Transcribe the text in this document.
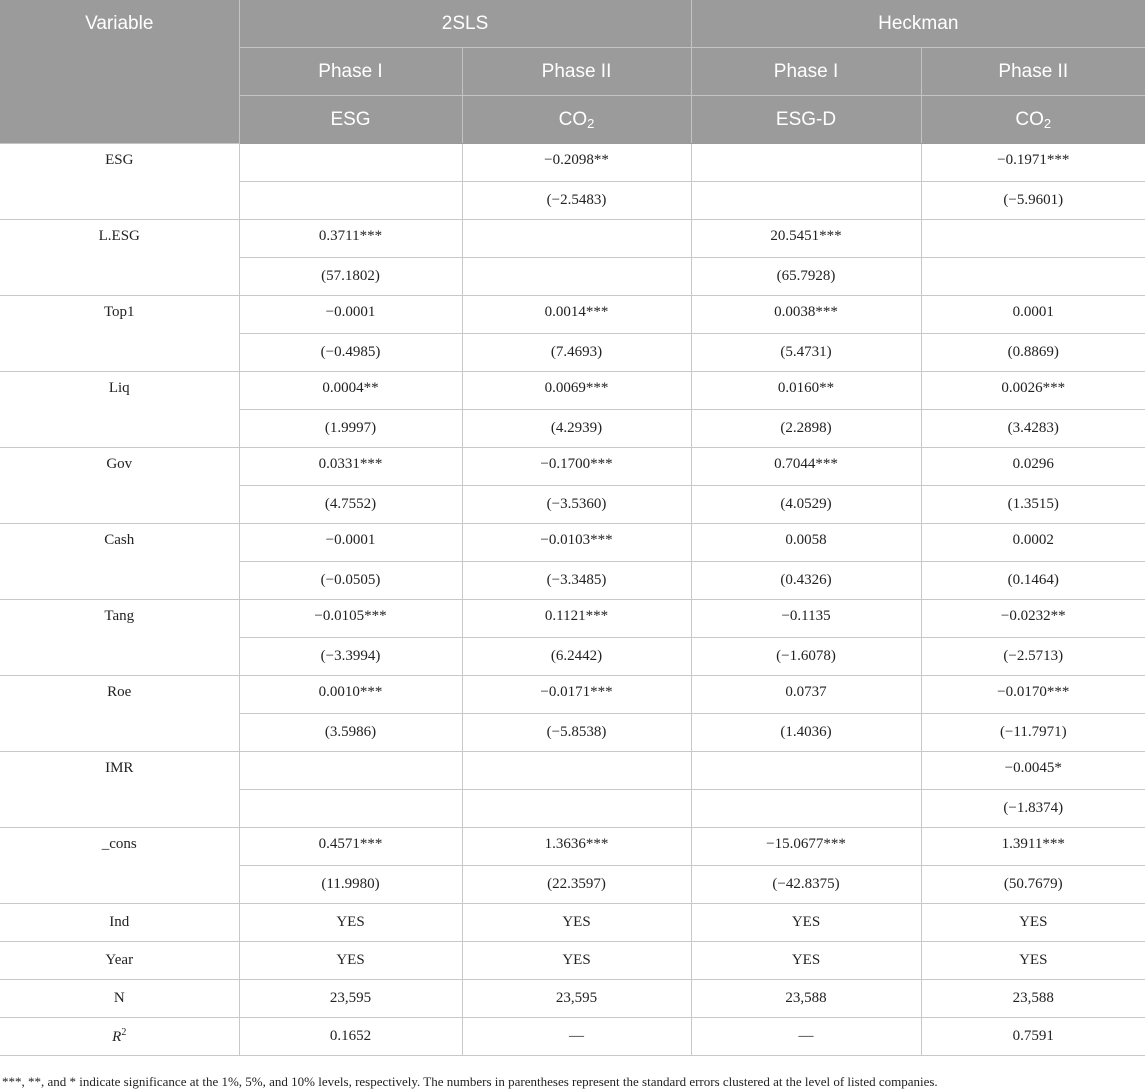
Variable	2SLS		Heckman	
	Phase I	Phase II	Phase I	Phase II
	ESG	$CO_2$	ESG-D	$CO_2$
ESG		−0.2098**		−0.1971***
		(−2.5483)		(−5.9601)
L.ESG	0.3711***		20.5451***	
	(57.1802)		(65.7928)	
Top1	−0.0001	0.0014***	0.0038***	0.0001
	(−0.4985)	(7.4693)	(5.4731)	(0.8869)
Liq	0.0004**	0.0069***	0.0160**	0.0026***
	(1.9997)	(4.2939)	(2.2898)	(3.4283)
Gov	0.0331***	−0.1700***	0.7044***	0.0296
	(4.7552)	(−3.5360)	(4.0529)	(1.3515)
Cash	−0.0001	−0.0103***	0.0058	0.0002
	(−0.0505)	(−3.3485)	(0.4326)	(0.1464)
Tang	−0.0105***	0.1121***	−0.1135	−0.0232**
	(−3.3994)	(6.2442)	(−1.6078)	(−2.5713)
Roe	0.0010***	−0.0171***	0.0737	−0.0170***
	(3.5986)	(−5.8538)	(1.4036)	(−11.7971)
IMR				−0.0045*
				(−1.8374)
_cons	0.4571***	1.3636***	−15.0677***	1.3911***
	(11.9980)	(22.3597)	(−42.8375)	(50.7679)
Ind	YES	YES	YES	YES
Year	YES	YES	YES	YES
N	23,595	23,595	23,588	23,588
$R^2$	0.1652	—	—	0.7591
***, **, and * indicate significance at the 1%, 5%, and 10% levels, respectively. The numbers in parentheses represent the standard errors clustered at the level of listed companies.
